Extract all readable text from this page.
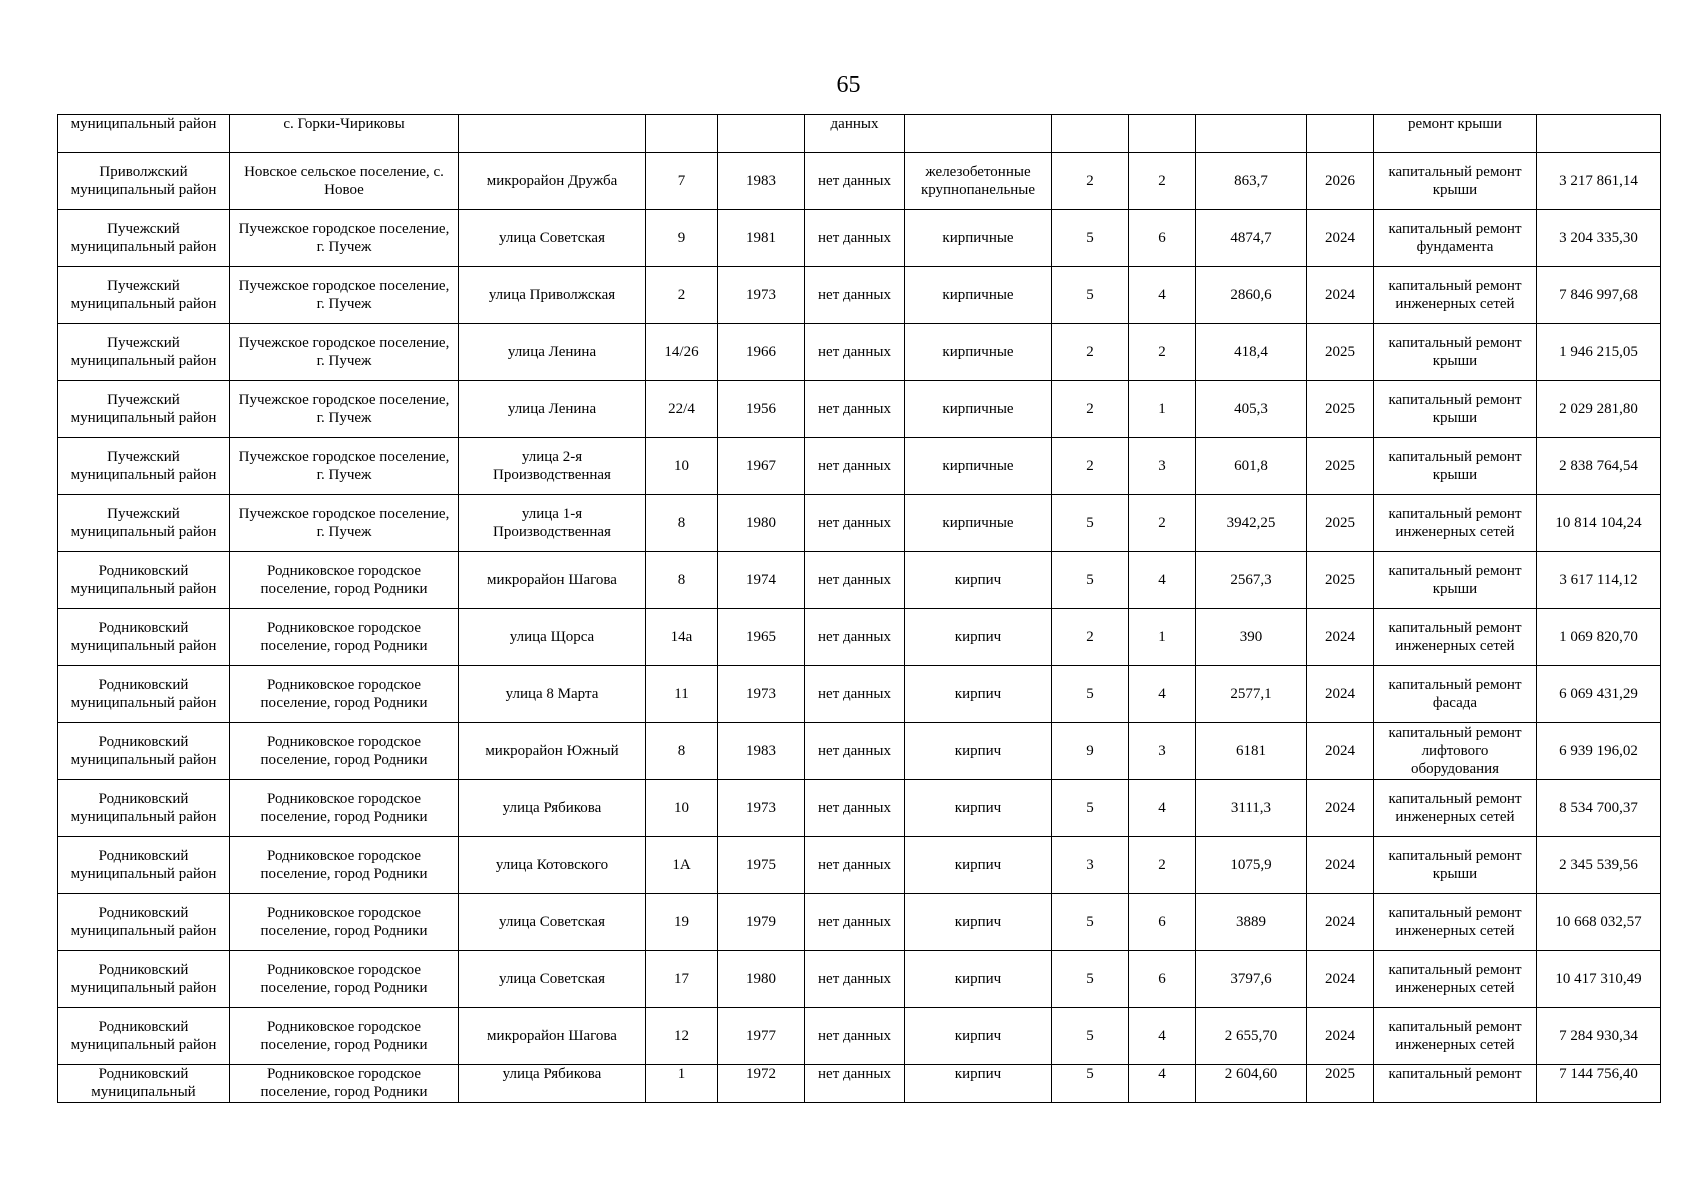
65
муниципальный район	с. Горки-Чириковы				данных						ремонт крыши	
Приволжский муниципальный район	Новское сельское поселение, с. Новое	микрорайон Дружба	7	1983	нет данных	железобетонные крупнопанельные	2	2	863,7	2026	капитальный ремонт крыши	3 217 861,14
Пучежский муниципальный район	Пучежское городское поселение, г. Пучеж	улица Советская	9	1981	нет данных	кирпичные	5	6	4874,7	2024	капитальный ремонт фундамента	3 204 335,30
Пучежский муниципальный район	Пучежское городское поселение, г. Пучеж	улица Приволжская	2	1973	нет данных	кирпичные	5	4	2860,6	2024	капитальный ремонт инженерных сетей	7 846 997,68
Пучежский муниципальный район	Пучежское городское поселение, г. Пучеж	улица Ленина	14/26	1966	нет данных	кирпичные	2	2	418,4	2025	капитальный ремонт крыши	1 946 215,05
Пучежский муниципальный район	Пучежское городское поселение, г. Пучеж	улица Ленина	22/4	1956	нет данных	кирпичные	2	1	405,3	2025	капитальный ремонт крыши	2 029 281,80
Пучежский муниципальный район	Пучежское городское поселение, г. Пучеж	улица 2-я Производственная	10	1967	нет данных	кирпичные	2	3	601,8	2025	капитальный ремонт крыши	2 838 764,54
Пучежский муниципальный район	Пучежское городское поселение, г. Пучеж	улица 1-я Производственная	8	1980	нет данных	кирпичные	5	2	3942,25	2025	капитальный ремонт инженерных сетей	10 814 104,24
Родниковский муниципальный район	Родниковское городское поселение, город Родники	микрорайон Шагова	8	1974	нет данных	кирпич	5	4	2567,3	2025	капитальный ремонт крыши	3 617 114,12
Родниковский муниципальный район	Родниковское городское поселение, город Родники	улица Щорса	14а	1965	нет данных	кирпич	2	1	390	2024	капитальный ремонт инженерных сетей	1 069 820,70
Родниковский муниципальный район	Родниковское городское поселение, город Родники	улица 8 Марта	11	1973	нет данных	кирпич	5	4	2577,1	2024	капитальный ремонт фасада	6 069 431,29
Родниковский муниципальный район	Родниковское городское поселение, город Родники	микрорайон Южный	8	1983	нет данных	кирпич	9	3	6181	2024	капитальный ремонт лифтового оборудования	6 939 196,02
Родниковский муниципальный район	Родниковское городское поселение, город Родники	улица Рябикова	10	1973	нет данных	кирпич	5	4	3111,3	2024	капитальный ремонт инженерных сетей	8 534 700,37
Родниковский муниципальный район	Родниковское городское поселение, город Родники	улица Котовского	1А	1975	нет данных	кирпич	3	2	1075,9	2024	капитальный ремонт крыши	2 345 539,56
Родниковский муниципальный район	Родниковское городское поселение, город Родники	улица Советская	19	1979	нет данных	кирпич	5	6	3889	2024	капитальный ремонт инженерных сетей	10 668 032,57
Родниковский муниципальный район	Родниковское городское поселение, город Родники	улица Советская	17	1980	нет данных	кирпич	5	6	3797,6	2024	капитальный ремонт инженерных сетей	10 417 310,49
Родниковский муниципальный район	Родниковское городское поселение, город Родники	микрорайон Шагова	12	1977	нет данных	кирпич	5	4	2 655,70	2024	капитальный ремонт инженерных сетей	7 284 930,34
Родниковский муниципальный	Родниковское городское поселение, город Родники	улица Рябикова	1	1972	нет данных	кирпич	5	4	2 604,60	2025	капитальный ремонт	7 144 756,40
